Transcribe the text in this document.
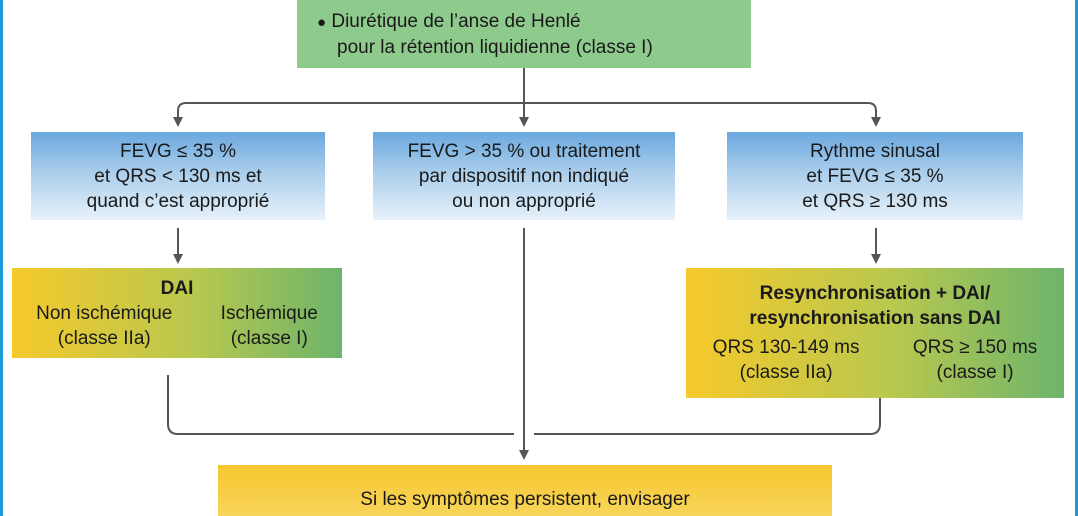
● Diurétique de l’anse de Henlé
pour la rétention liquidienne (classe I)
FEVG ≤ 35 %
et QRS < 130 ms et
quand c’est approprié
FEVG > 35 % ou traitement
par dispositif non indiqué
ou non approprié
Rythme sinusal
et FEVG ≤ 35 %
et QRS ≥ 130 ms
DAI
Non ischémique
(classe IIa)
Ischémique
(classe I)
Resynchronisation + DAI/
resynchronisation sans DAI
QRS 130-149 ms
(classe IIa)
QRS ≥ 150 ms
(classe I)
Si les symptômes persistent, envisager
